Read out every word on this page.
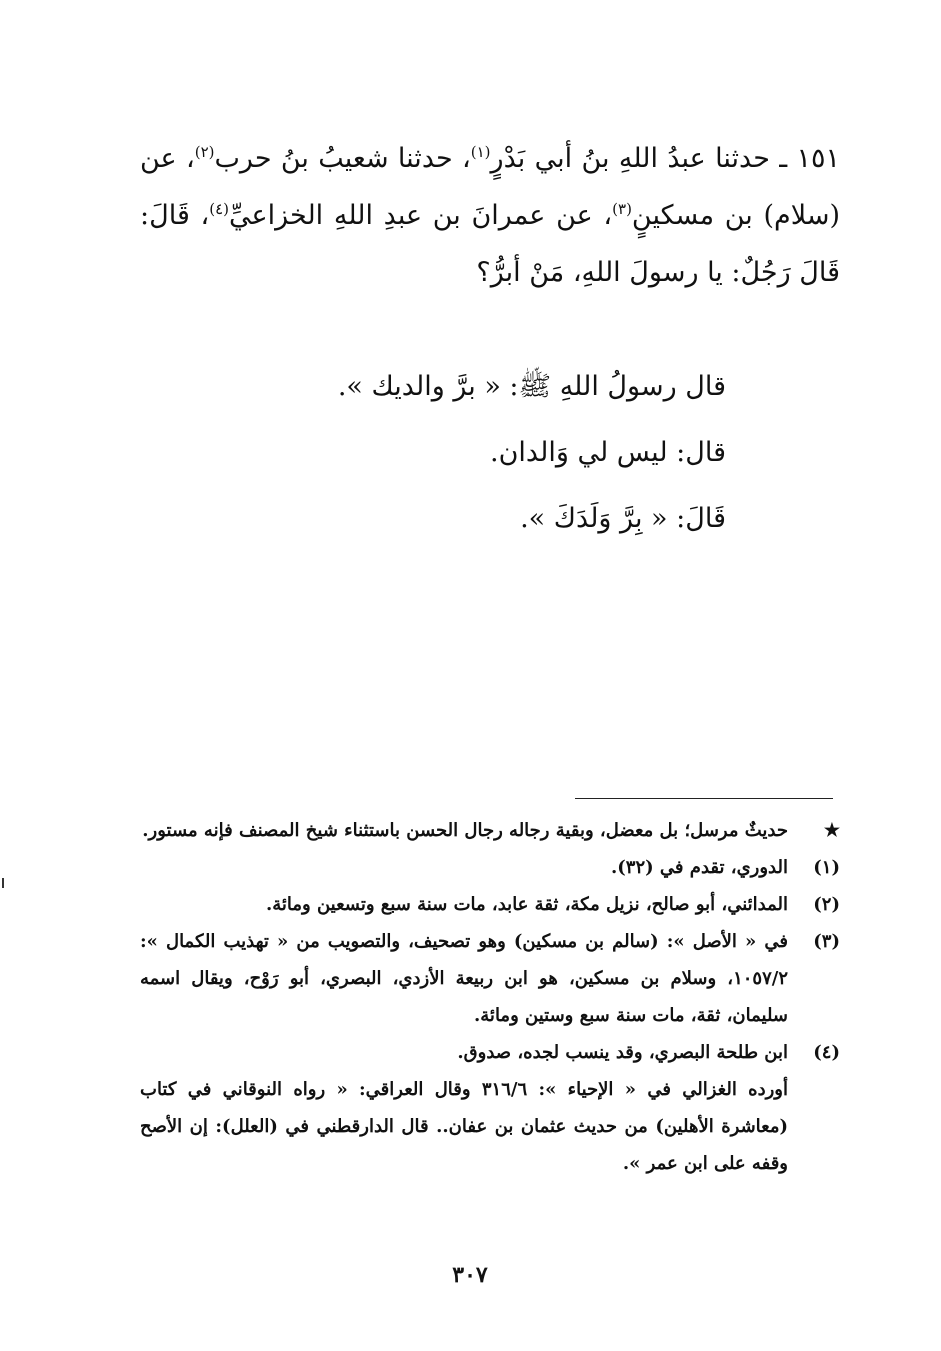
١٥١ ـ حدثنا عبدُ اللهِ بنُ أبي بَدْرٍ$^{(١)}$، حدثنا شعيبُ بنُ حرب$^{(٢)}$، عن (سلام) بن مسكينٍ$^{(٣)}$، عن عمرانَ بن عبدِ اللهِ الخزاعيِّ$^{(٤)}$، قَالَ: قَالَ رَجُلٌ: يا رسولَ اللهِ، مَنْ أبرُّ؟
قال رسولُ اللهِ ﷺ: « برَّ والديك ».
قال: ليس لي وَالدان.
قَالَ: « بِرَّ وَلَدَكَ ».
★
حديثٌ مرسل؛ بل معضل، وبقية رجاله رجال الحسن باستثناء شيخ المصنف فإنه مستور.
(١)
الدوري، تقدم في (٣٢).
(٢)
المدائني، أبو صالح، نزيل مكة، ثقة عابد، مات سنة سبع وتسعين ومائة.
(٣)
في « الأصل »: (سالم بن مسكين) وهو تصحيف، والتصويب من « تهذيب الكمال »: ١٠٥٧/٢، وسلام بن مسكين، هو ابن ربيعة الأزدي، البصري، أبو رَوْح، ويقال اسمه سليمان، ثقة، مات سنة سبع وستين ومائة.
(٤)
ابن طلحة البصري، وقد ينسب لجده، صدوق.
أورده الغزالي في « الإحياء »: ٣١٦/٦ وقال العراقي: « رواه النوقاني في كتاب (معاشرة الأهلين) من حديث عثمان بن عفان.. قال الدارقطني في (العلل): إن الأصح وقفه على ابن عمر ».
٣٠٧
